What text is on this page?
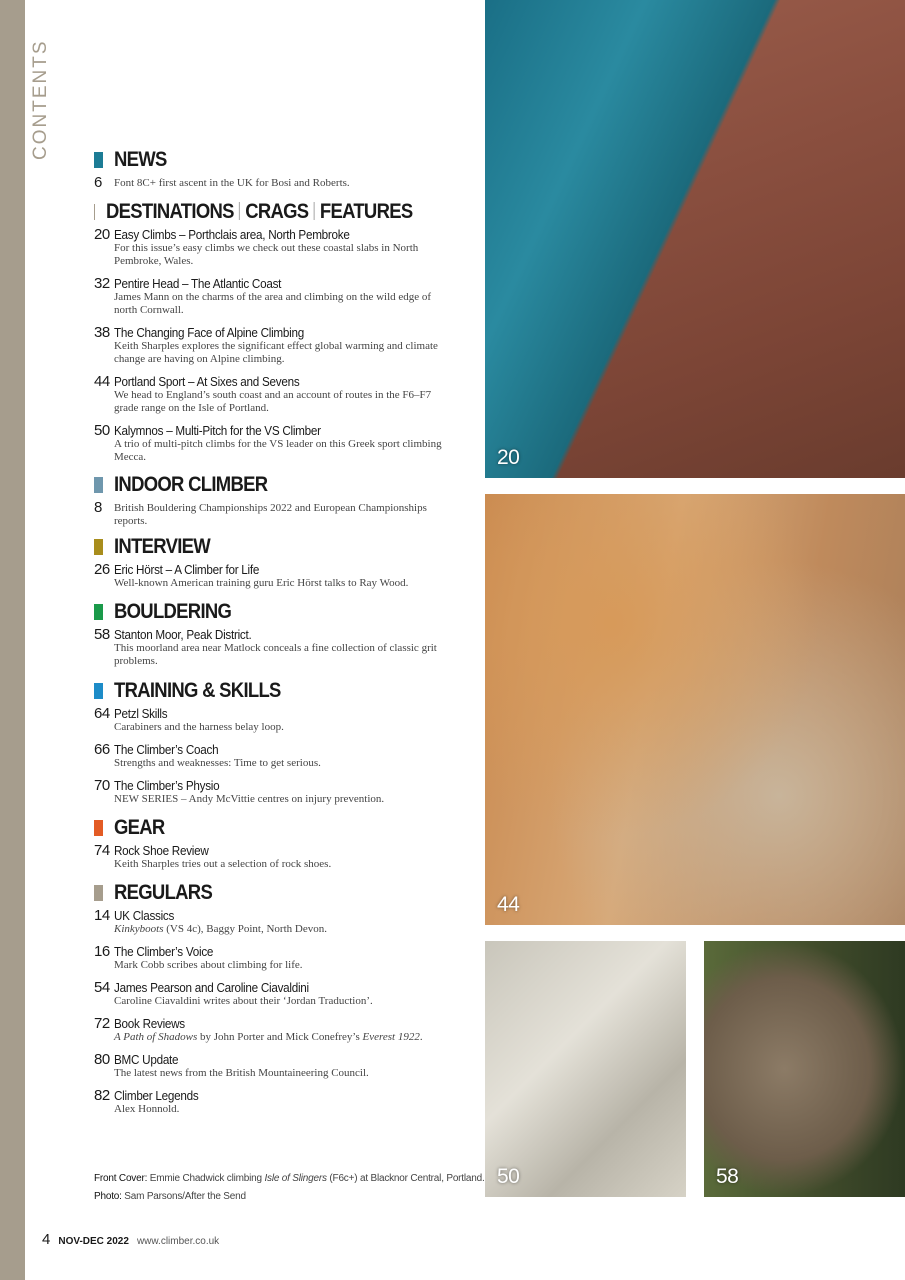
CONTENTS	NEWS
6	Font 8C+ first ascent in the UK for Bosi and Roberts.
DESTINATIONS CRAGS FEATURES
20 Easy Climbs – Porthclais area, North Pembroke
For this issue’s easy climbs we check out these coastal slabs in North Pembroke, Wales.
32 Pentire Head – The Atlantic Coast
James Mann on the charms of the area and climbing on the wild edge of north Cornwall.
38 The Changing Face of Alpine Climbing
Keith Sharples explores the significant effect global warming and climate change are having on Alpine climbing.
44 Portland Sport – At Sixes and Sevens
We head to England’s south coast and an account of routes in the F6–F7 grade range on the Isle of Portland.
50 Kalymnos – Multi-Pitch for the VS Climber
A trio of multi-pitch climbs for the VS leader on this Greek sport climbing Mecca.
INDOOR CLIMBER
8	British Bouldering Championships 2022 and European Championships reports.
INTERVIEW
26 Eric Hörst – A Climber for Life
Well-known American training guru Eric Hörst talks to Ray Wood.
BOULDERING
58 Stanton Moor, Peak District.
This moorland area near Matlock conceals a fine collection of classic grit problems.
TRAINING & SKILLS
64 Petzl Skills
Carabiners and the harness belay loop.
66 The Climber’s Coach
Strengths and weaknesses: Time to get serious.
70 The Climber’s Physio
NEW SERIES – Andy McVittie centres on injury prevention.
GEAR
74 Rock Shoe Review
Keith Sharples tries out a selection of rock shoes.
REGULARS
14 UK Classics
Kinkyboots (VS 4c), Baggy Point, North Devon.
16 The Climber’s Voice
Mark Cobb scribes about climbing for life.
54 James Pearson and Caroline Ciavaldini
Caroline Ciavaldini writes about their ‘Jordan Traduction’.
72 Book Reviews
A Path of Shadows by John Porter and Mick Conefrey’s Everest 1922.
80 BMC Update
The latest news from the British Mountaineering Council.
82 Climber Legends
Alex Honnold.
20
44
50	58
Front Cover: Emmie Chadwick climbing Isle of Slingers (F6c+) at Blacknor Central, Portland.
Photo: Sam Parsons/After the Send
4 NOV-DEC 2022 www.climber.co.uk
